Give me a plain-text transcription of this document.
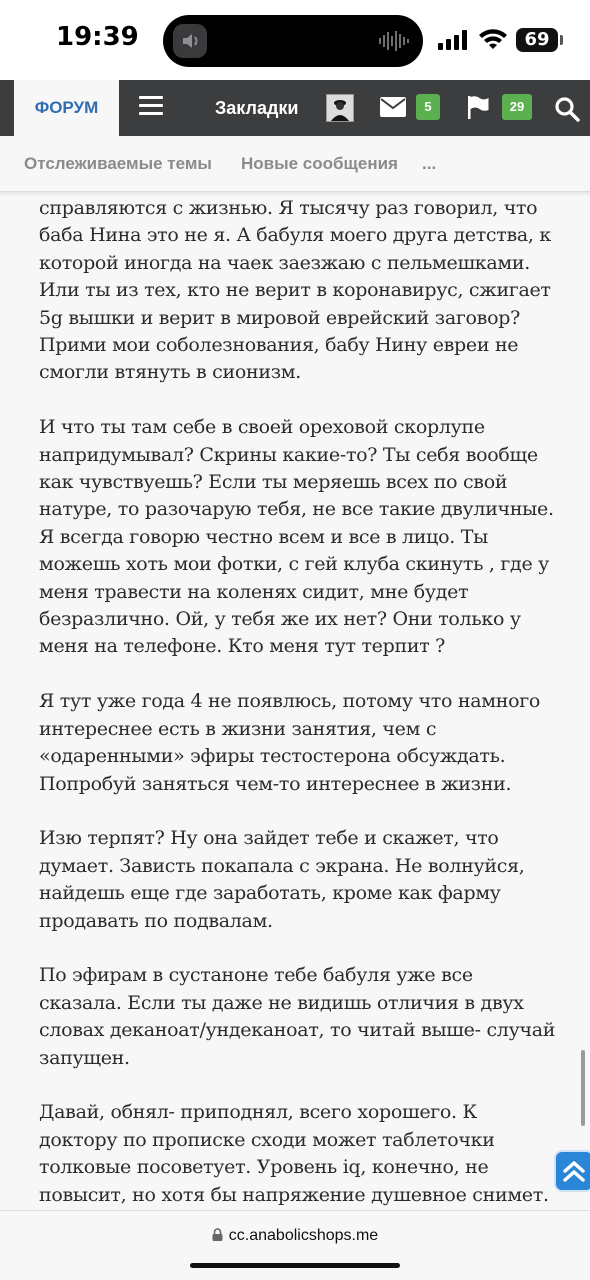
19:39	69
ФОРУМ	Закладки	5	29
Отслеживаемые темы Новые сообщения ...

справляются с жизнью. Я тысячу раз говорил, что баба Нина это не я. А бабуля моего друга детства, к которой иногда на чаек заезжаю с пельмешками. Или ты из тех, кто не верит в коронавирус, сжигает 5g вышки и верит в мировой еврейский заговор? Прими мои соболезнования, бабу Нину евреи не смогли втянуть в сионизм.

И что ты там себе в своей ореховой скорлупе напридумывал? Скрины какие-то? Ты себя вообще как чувствуешь? Если ты меряешь всех по свой натуре, то разочарую тебя, не все такие двуличные. Я всегда говорю честно всем и все в лицо. Ты можешь хоть мои фотки, с гей клуба скинуть , где у меня травести на коленях сидит, мне будет безразлично. Ой, у тебя же их нет? Они только у меня на телефоне. Кто меня тут терпит ?

Я тут уже года 4 не появлюсь, потому что намного интереснее есть в жизни занятия, чем с «одаренными» эфиры тестостерона обсуждать. Попробуй заняться чем-то интереснее в жизни.

Изю терпят? Ну она зайдет тебе и скажет, что думает. Зависть покапала с экрана. Не волнуйся, найдешь еще где заработать, кроме как фарму продавать по подвалам.

По эфирам в сустаноне тебе бабуля уже все сказала. Если ты даже не видишь отличия в двух словах деканоат/ундеканоат, то читай выше- случай запущен.

Давай, обнял- приподнял, всего хорошего. К доктору по прописке сходи может таблеточки толковые посоветует. Уровень iq, конечно, не повысит, но хотя бы напряжение душевное снимет.

cc.anabolicshops.me
